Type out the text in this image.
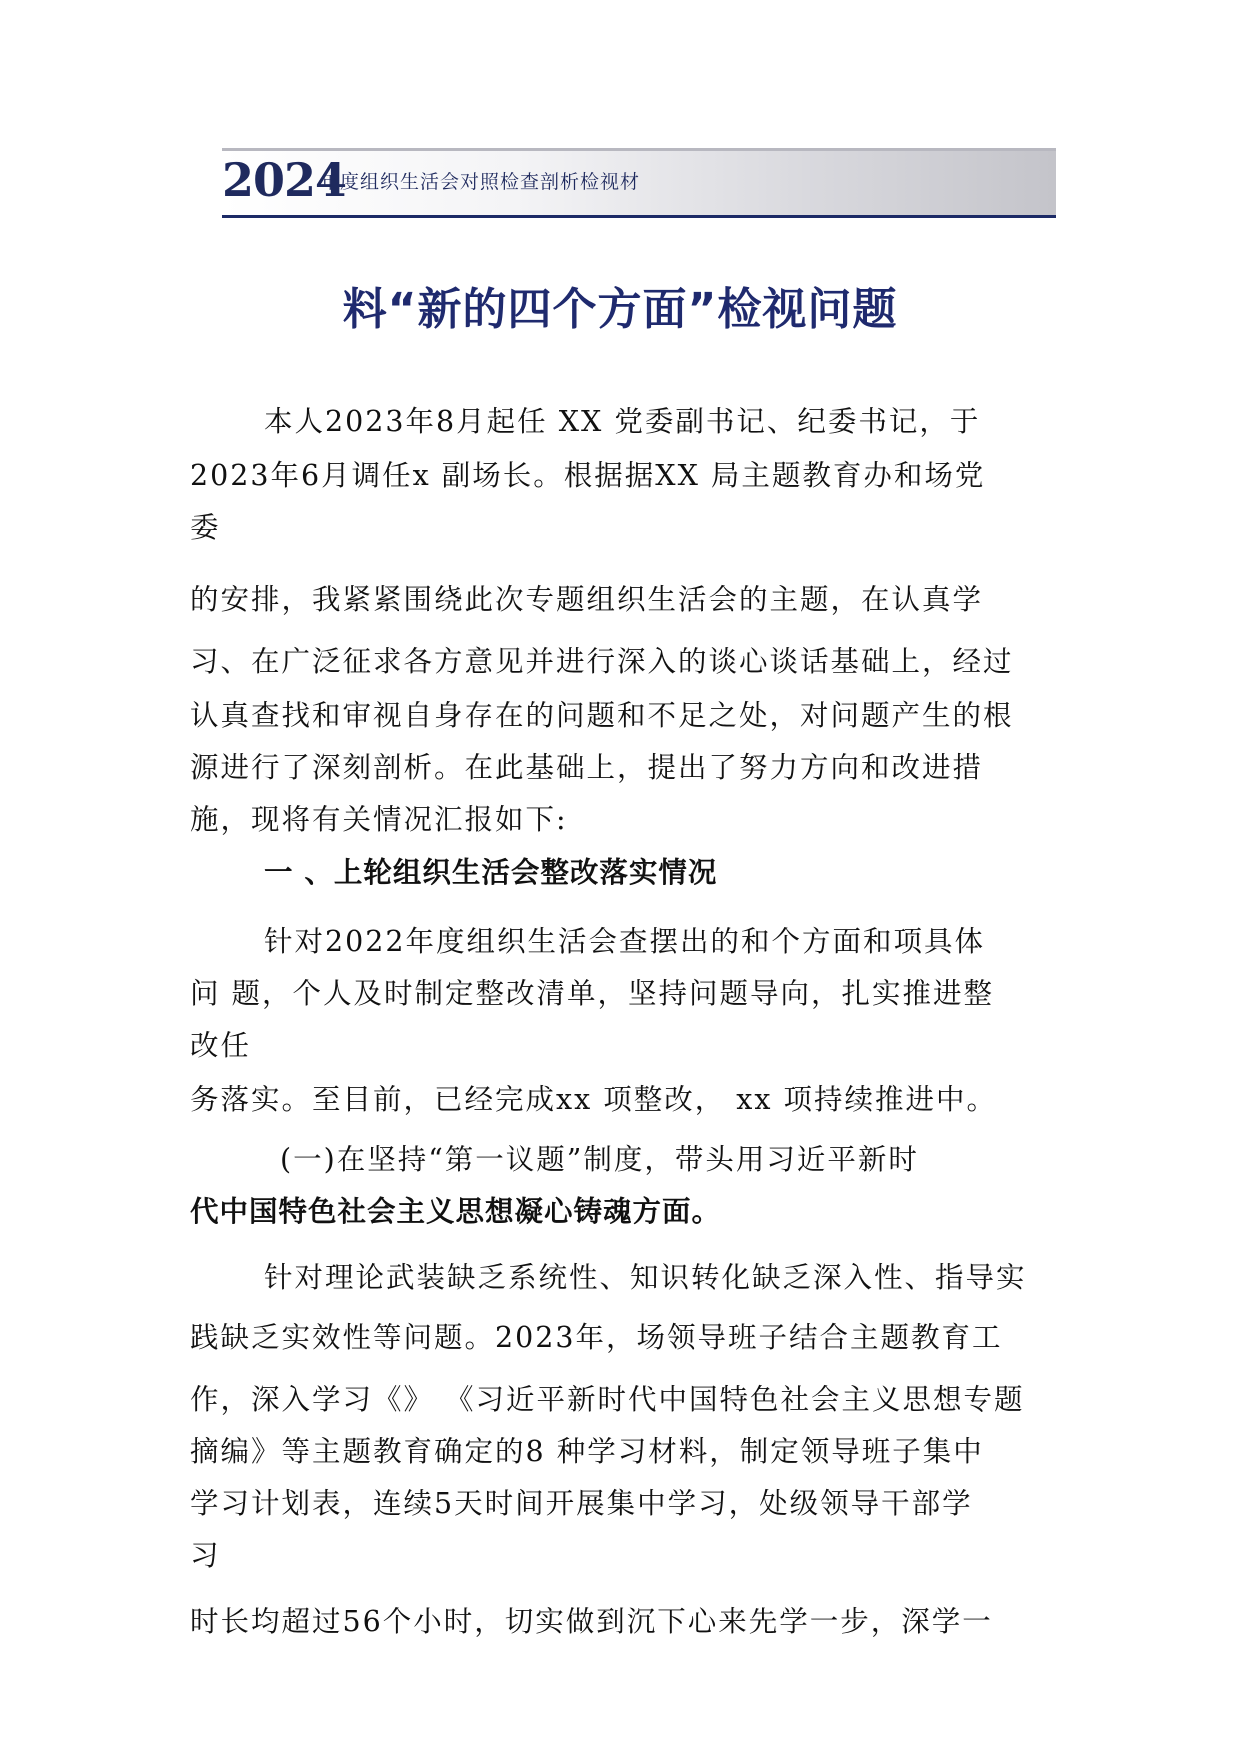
2024
年度组织生活会对照检查剖析检视材
料“新的四个方面”检视问题
本人2023年8月起任 XX 党委副书记、纪委书记，于
2023年6月调任x 副场长。根据据XX 局主题教育办和场党
委
的安排，我紧紧围绕此次专题组织生活会的主题，在认真学
习、在广泛征求各方意见并进行深入的谈心谈话基础上，经过
认真查找和审视自身存在的问题和不足之处，对问题产生的根
源进行了深刻剖析。在此基础上，提出了努力方向和改进措
施，现将有关情况汇报如下:
一 、上轮组织生活会整改落实情况
针对2022年度组织生活会查摆出的和个方面和项具体
问 题，个人及时制定整改清单，坚持问题导向，扎实推进整
改任
务落实。至目前，已经完成xx 项整改， xx 项持续推进中。
(一)在坚持“第一议题”制度，带头用习近平新时
代中国特色社会主义思想凝心铸魂方面。
针对理论武装缺乏系统性、知识转化缺乏深入性、指导实
践缺乏实效性等问题。2023年，场领导班子结合主题教育工
作，深入学习《》 《习近平新时代中国特色社会主义思想专题
摘编》等主题教育确定的8 种学习材料，制定领导班子集中
学习计划表，连续5天时间开展集中学习，处级领导干部学
习
时长均超过56个小时，切实做到沉下心来先学一步，深学一
